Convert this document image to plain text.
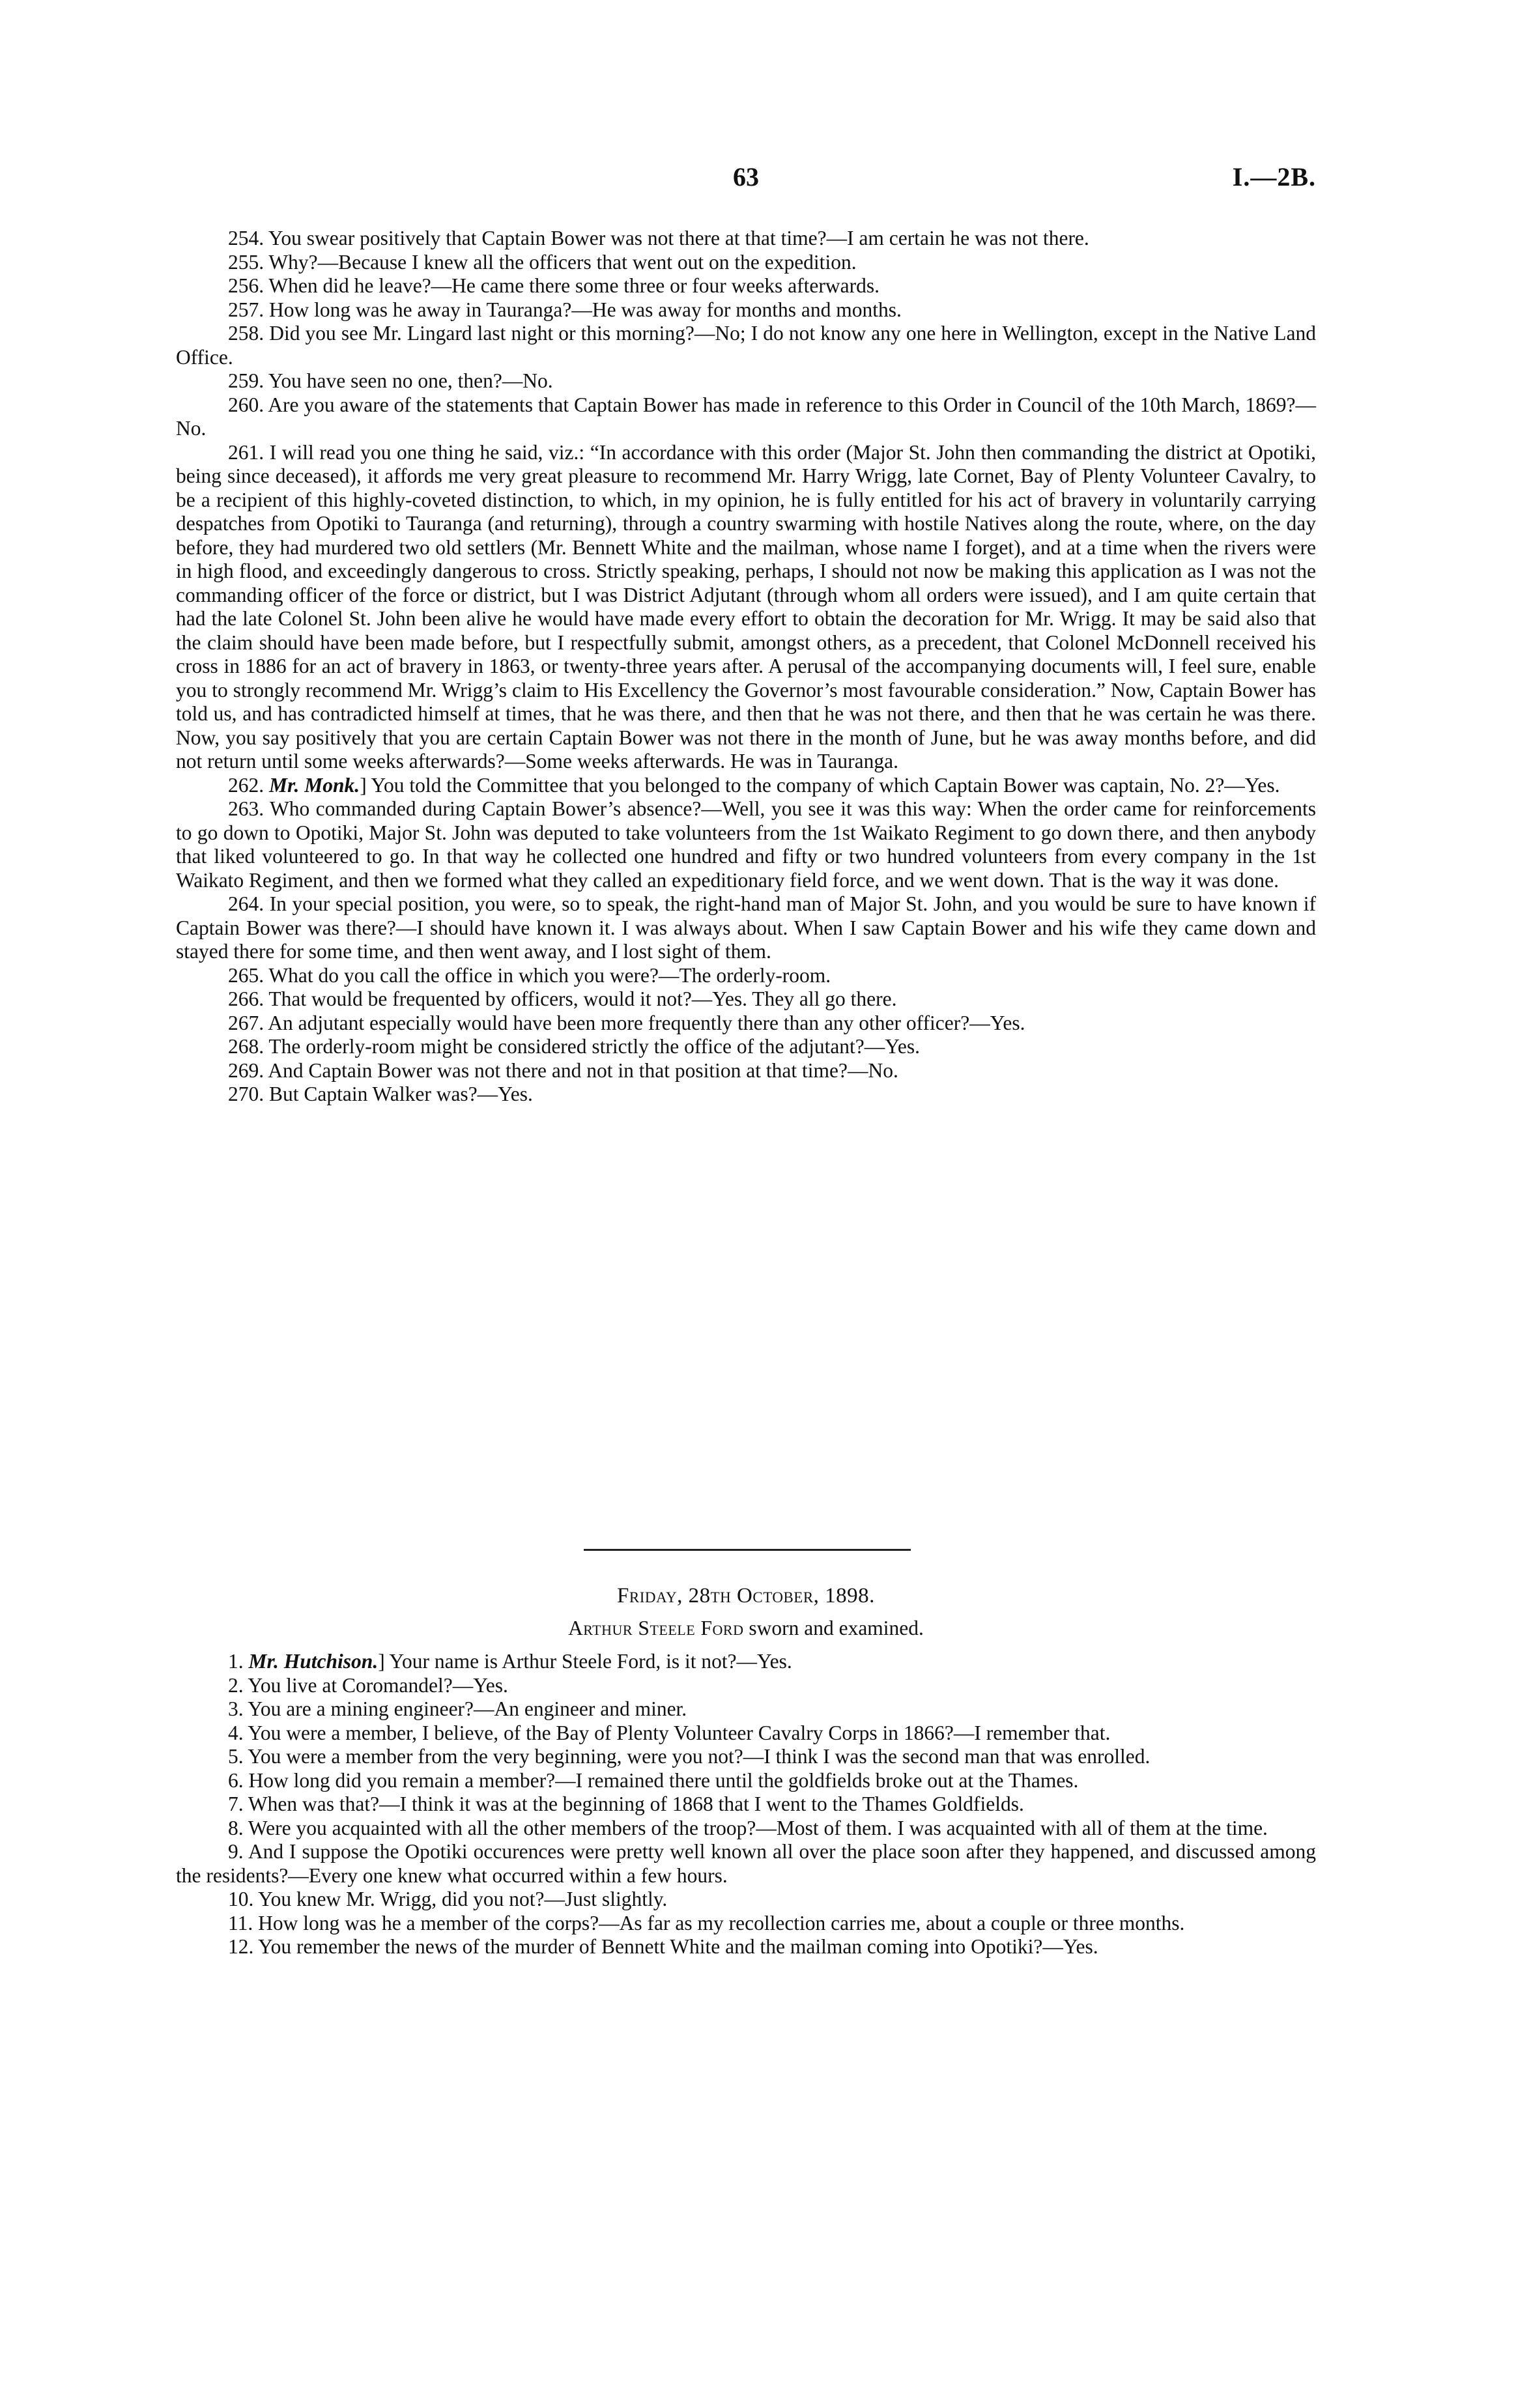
63	I.—2B.

254. You swear positively that Captain Bower was not there at that time?—I am certain he was not there.

255. Why?—Because I knew all the officers that went out on the expedition.

256. When did he leave?—He came there some three or four weeks afterwards.

257. How long was he away in Tauranga?—He was away for months and months.

258. Did you see Mr. Lingard last night or this morning?—No; I do not know any one here in Wellington, except in the Native Land Office.

259. You have seen no one, then?—No.

260. Are you aware of the statements that Captain Bower has made in reference to this Order in Council of the 10th March, 1869?—No.

261. I will read you one thing he said, viz.: “In accordance with this order (Major St. John then commanding the district at Opotiki, being since deceased), it affords me very great pleasure to recommend Mr. Harry Wrigg, late Cornet, Bay of Plenty Volunteer Cavalry, to be a recipient of this highly-coveted distinction, to which, in my opinion, he is fully entitled for his act of bravery in voluntarily carrying despatches from Opotiki to Tauranga (and returning), through a country swarming with hostile Natives along the route, where, on the day before, they had murdered two old settlers (Mr. Bennett White and the mailman, whose name I forget), and at a time when the rivers were in high flood, and exceedingly dangerous to cross. Strictly speaking, perhaps, I should not now be making this application as I was not the commanding officer of the force or district, but I was District Adjutant (through whom all orders were issued), and I am quite certain that had the late Colonel St. John been alive he would have made every effort to obtain the decoration for Mr. Wrigg. It may be said also that the claim should have been made before, but I respectfully submit, amongst others, as a precedent, that Colonel McDonnell received his cross in 1886 for an act of bravery in 1863, or twenty-three years after. A perusal of the accompanying documents will, I feel sure, enable you to strongly recommend Mr. Wrigg’s claim to His Excellency the Governor’s most favourable consideration.” Now, Captain Bower has told us, and has contradicted himself at times, that he was there, and then that he was not there, and then that he was certain he was there. Now, you say positively that you are certain Captain Bower was not there in the month of June, but he was away months before, and did not return until some weeks afterwards?—Some weeks afterwards. He was in Tauranga.

262. Mr. Monk.] You told the Committee that you belonged to the company of which Captain Bower was captain, No. 2?—Yes.

263. Who commanded during Captain Bower’s absence?—Well, you see it was this way: When the order came for reinforcements to go down to Opotiki, Major St. John was deputed to take volunteers from the 1st Waikato Regiment to go down there, and then anybody that liked volunteered to go. In that way he collected one hundred and fifty or two hundred volunteers from every company in the 1st Waikato Regiment, and then we formed what they called an expeditionary field force, and we went down. That is the way it was done.

264. In your special position, you were, so to speak, the right-hand man of Major St. John, and you would be sure to have known if Captain Bower was there?—I should have known it. I was always about. When I saw Captain Bower and his wife they came down and stayed there for some time, and then went away, and I lost sight of them.

265. What do you call the office in which you were?—The orderly-room.

266. That would be frequented by officers, would it not?—Yes. They all go there.

267. An adjutant especially would have been more frequently there than any other officer?—Yes.

268. The orderly-room might be considered strictly the office of the adjutant?—Yes.

269. And Captain Bower was not there and not in that position at that time?—No.

270. But Captain Walker was?—Yes.

Friday, 28th October, 1898.
Arthur Steele Ford sworn and examined.

1. Mr. Hutchison.] Your name is Arthur Steele Ford, is it not?—Yes.

2. You live at Coromandel?—Yes.

3. You are a mining engineer?—An engineer and miner.

4. You were a member, I believe, of the Bay of Plenty Volunteer Cavalry Corps in 1866?—I remember that.

5. You were a member from the very beginning, were you not?—I think I was the second man that was enrolled.

6. How long did you remain a member?—I remained there until the goldfields broke out at the Thames.

7. When was that?—I think it was at the beginning of 1868 that I went to the Thames Goldfields.

8. Were you acquainted with all the other members of the troop?—Most of them. I was acquainted with all of them at the time.

9. And I suppose the Opotiki occurences were pretty well known all over the place soon after they happened, and discussed among the residents?—Every one knew what occurred within a few hours.

10. You knew Mr. Wrigg, did you not?—Just slightly.

11. How long was he a member of the corps?—As far as my recollection carries me, about a couple or three months.

12. You remember the news of the murder of Bennett White and the mailman coming into Opotiki?—Yes.
